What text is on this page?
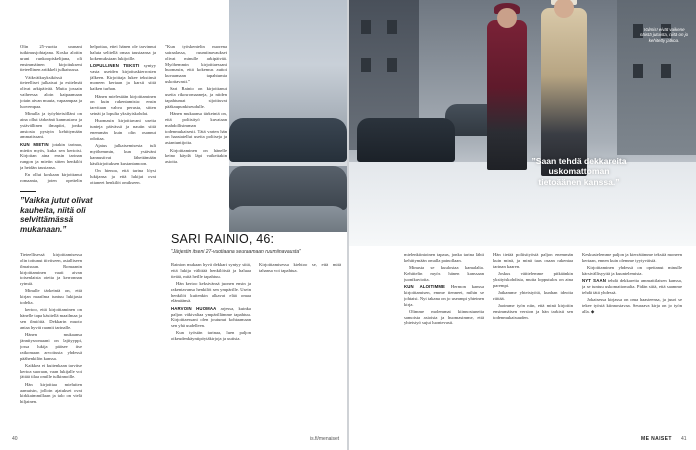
Olin 25-vuotta uranani tutkimusjohtajana. Koska aloitin urani runkoopiskelijana, oli ensimmäinen kirjoitukseni tieteellinen artikkeli julkaisussa.

Väikväikuyksikössä tieteelliset julkaisut ja esitelmät olivat arkipäivää. Mutta jossain vaiheessa aloin kaipaamaan jotain aivan muuta, vapaampaa ja luovempaa.

Minulla ja työyhteisölläni on aina ollut tärkeänä kannustava ja ystävällinen ilmapiiri, jonka ansiosta pystyin kehittymään ammatissani.

KUN MIETIN jotakin tarinaa, mietin myös, kuka sen kertoisi. Kirjoitan aina ensin tarinan rungon ja mietin sitten henkilöt ja heidän taustansa.

En ollut koskaan kirjoittanut romaania, joten opettelin

”Vaikka jutut olivat kauheita, niitä oli selvittämässä mukanaan.”

Tieteellisessä kirjoittamisessa olin tottunut tiiviiseen, asialliseen ilmaisuun. Romaanin kirjoittaminen vaati aivan toisenlaista otetta ja kerronnan rytmiä.

Minulle tärkeintä on, että kirjan maailma tuntuu lukijasta todelta.

kertoo, että kirjoittaminen on hänelle tapa käsitellä maailmaa ja sen ilmiöitä. Dekkarin muoto antaa hyvät raamit tarinalle.

Hänen mukaansa jännitysromaani on lajityyppi, jossa lukija pääsee itse ratkomaan arvoitusta yhdessä päähenkilön kanssa.

Kaikkea ei kuitenkaan tarvitse kertoa suoraan, vaan lukijalle voi jättää tilaa omille tulkinnoille.

Hän kirjoittaa mieluiten aamuisin, jolloin ajatukset ovat kirkkaimmillaan ja talo on vielä hiljainen.

helpottaa, ettei hänen ole tarvinnut haluta selitellä omaa taustaansa ja kokemuksiaan lukijoille.

LOPULLINEN TEKSTI syntyy vasta useiden kirjoituskierrosten jälkeen. Kirjoittaja lukee tekstinsä moneen kertaan ja karsii siitä kaiken turhan.

Hänen mielestään kirjoittaminen on kuin rakentamista: ensin tarvitaan vahva perusta, sitten seinät ja lopulta yksityiskohdat.

Huomasin kirjoittavani useita tunteja päivässä ja nautin siitä enemmän kuin olin osannut odottaa.

Ajatus julkaisemisesta tuli myöhemmin, kun ystäväni kannustivat lähettämään käsikirjoituksen kustantamoon.

On hienoa, että tarina löysi lukijansa ja että lukijat ovat ottaneet henkilöt omikseen.

”Kun työskentelin nuorena sairaalassa, ruumiinavaukset olivat minulle arkipäivää. Myöhemmin kirjoittaessani huomasin, että kokemus auttoi kuvaamaan tapahtumia uskottavasti.”

Sari Rainio on kirjoittanut useita rikosromaaneja, ja niiden tapahtumat sijoittuvat pääkaupunkiseudulle.

Hänen mukaansa tärkeintä on, että poliisityö kuvataan mahdollisimman todenmukaisesti. Tätä varten hän on haastatellut useita poliiseja ja asiantuntijoita.

Kirjoittaminen on hänelle keino käydä läpi vaikeitakin asioita.

SARI RAINIO, 46:
”Järjestin itseni 27-vuotiaana seuraamaan ruumiinavausta”

Rainion mukaan hyvä dekkari syntyy siitä, että lukija välittää henkilöistä ja haluaa tietää, mitä heille tapahtuu.

Hän kertoo keksivänsä juonen ensin ja rakentavansa henkilöt sen ympärille. Usein henkilöt kuitenkin alkavat elää omaa elämäänsä.

HARVOIN HUOMAA arjessa, kuinka paljon väkivaltaa ympärillämme tapahtuu. Kirjoittaessani olen joutunut kohtaamaan sen yhä uudelleen.

Kun työstän tarinaa, luen paljon oikeudenkäyntipöytäkirjoja ja uutisia.

Kirjoittamisessa kiehtoo se, että mitä tahansa voi tapahtua.

40	is.fi/menaiset
Valmis! eivät vaikene näistä jutuista, niitä on jo kehitetty jatkoa.
”Saan tehdä dekkareita uskomattoman tietoäänen kanssa.”

mielenkiintoinen tapaus, jonka tarina lähti kehittymään omalla painollaan.

Minusta se kuulostaa kamalalta. Kehittelin myös hänen kanssaan juonikuvioita.

KUN ALOITIMME Hermon kanssa kirjoittamisen, emme tienneet, mihin se johtaisi. Nyt takana on jo useampi yhteinen kirja.

Olimme molemmat kiinnostuneita samoista asioista ja huomasimme, että yhteistyö sujui luontevasti.

Hän tietää poliisityöstä paljon enemmän kuin minä, ja minä taas osaan rakentaa tarinan kaaren.

Joskus väittelemme pitkäänkin yksityiskohdista, mutta lopputulos on aina parempi.

Jatkamme yhteistyötä, kunhan ideoita riittää.

Jaoimme työn niin, että minä kirjoitin ensimmäisen version ja hän tarkisti sen todenmukaisuuden.

Keskustelemme paljon ja kierrätämme tekstiä moneen kertaan, ennen kuin olemme tyytyväisiä.

Kirjoittaminen yhdessä on opettanut minulle kärsivällisyyttä ja kuuntelemista.

NYT SAAN tehdä dekkareita ammattilaisen kanssa, ja se tuntuu uskomattomalta. Pidän siitä, että saamme tehdä tätä yhdessä.

Jokaisessa kirjassa on oma haasteensa, ja juuri se tekee työstä kiinnostavaa. Seuraava kirja on jo työn alla. ◆

ME NAISET 41
